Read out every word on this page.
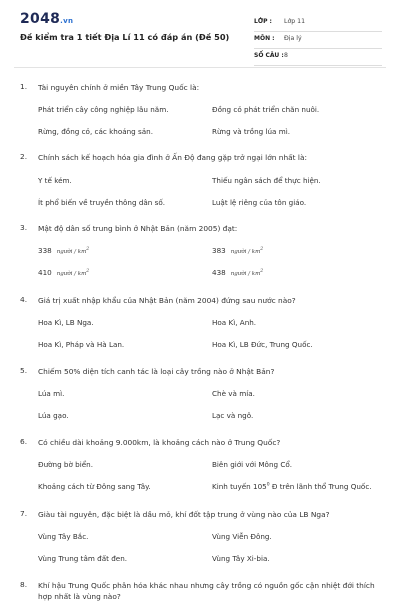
2048.vn
Đề kiểm tra 1 tiết Địa Lí 11 có đáp án (Đề 50)
LỚP : Lớp 11
MÔN : Địa lý
SỐ CÂU : 8
1. Tài nguyên chính ở miền Tây Trung Quốc là:
Phát triển cây công nghiệp lâu năm.	Đồng cỏ phát triển chăn nuôi.
Rừng, đồng cỏ, các khoáng sản.	Rừng và trồng lúa mì.
2. Chính sách kế hoạch hóa gia đình ở Ấn Độ đang gặp trở ngại lớn nhất là:
Y tế kém.	Thiếu ngân sách để thực hiện.
Ít phổ biến về truyền thông dân số.	Luật lệ riêng của tôn giáo.
3. Mật độ dân số trung bình ở Nhật Bản (năm 2005) đạt:
338 người / $km^2$	383 người / $km^2$
410 người / $km^2$	438 người / $km^2$
4. Giá trị xuất nhập khẩu của Nhật Bản (năm 2004) đứng sau nước nào?
Hoa Kì, LB Nga.	Hoa Kì, Anh.
Hoa Kì, Pháp và Hà Lan.	Hoa Kì, LB Đức, Trung Quốc.
5. Chiếm 50% diện tích canh tác là loại cây trồng nào ở Nhật Bản?
Lúa mì.	Chè và mía.
Lúa gạo.	Lạc và ngô.
6. Có chiều dài khoảng 9.000km, là khoảng cách nào ở Trung Quốc?
Đường bờ biển.	Biên giới với Mông Cổ.
Khoảng cách từ Đông sang Tây.	Kinh tuyến $105^0$ Đ trên lãnh thổ Trung Quốc.
7. Giàu tài nguyên, đặc biệt là dầu mỏ, khí đốt tập trung ở vùng nào của LB Nga?
Vùng Tây Bắc.	Vùng Viễn Đông.
Vùng Trung tâm đất đen.	Vùng Tây Xi-bia.
8. Khí hậu Trung Quốc phân hóa khác nhau nhưng cây trồng có nguồn gốc cận nhiệt đới thích hợp nhất là vùng nào?
